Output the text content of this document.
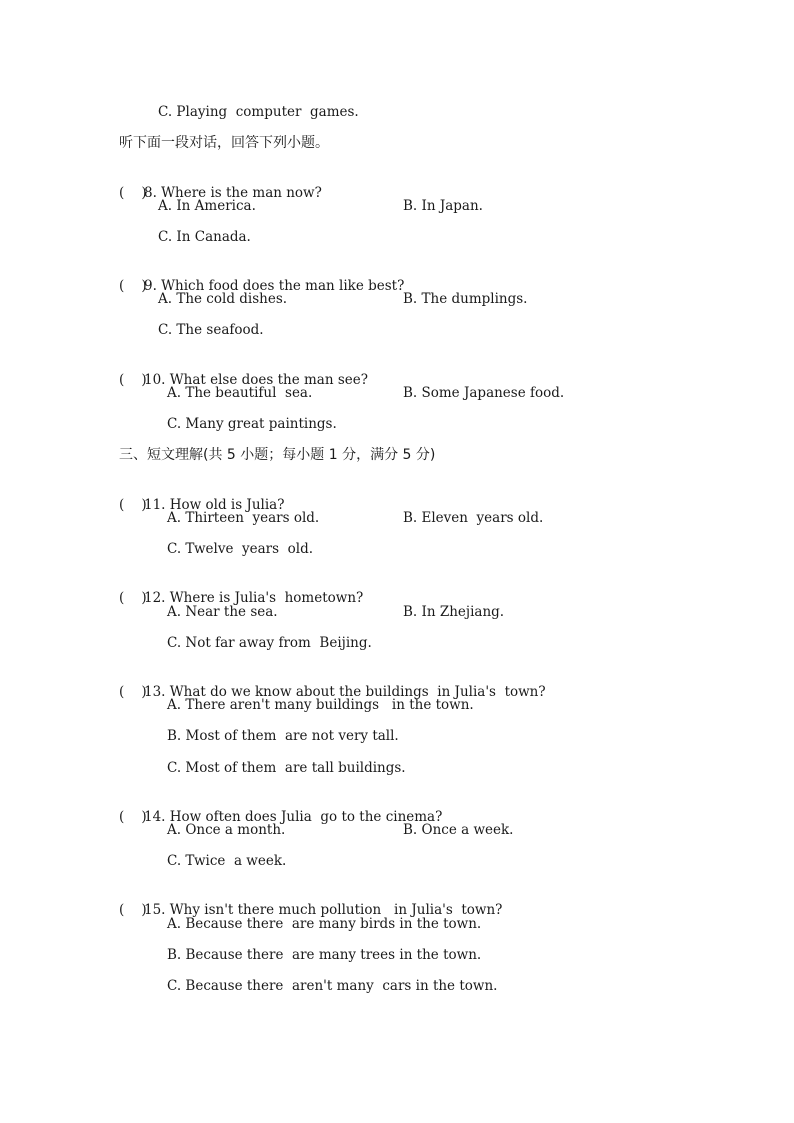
C. Playing  computer  games.
听下面一段对话，回答下列小题。

(    )
8. Where is the man now?

A. In America.	B. In Japan.
C. In Canada.

(    )
9. Which food does the man like best?

A. The cold dishes.	B. The dumplings.
C. The seafood.

(    )
10. What else does the man see?

A. The beautiful  sea.	B. Some Japanese food.
C. Many great paintings.
三、短文理解(共 5 小题；每小题 1 分，满分 5 分)

(    )
11. How old is Julia?

A. Thirteen  years old.	B. Eleven  years old.
C. Twelve  years  old.

(    )
12. Where is Julia's  hometown?

A. Near the sea.	B. In Zhejiang.
C. Not far away from  Beijing.

(    )
13. What do we know about the buildings  in Julia's  town?

A. There aren't many buildings   in the town.
B. Most of them  are not very tall.
C. Most of them  are tall buildings.

(    )
14. How often does Julia  go to the cinema?

A. Once a month.	B. Once a week.
C. Twice  a week.

(    )
15. Why isn't there much pollution   in Julia's  town?

A. Because there  are many birds in the town.
B. Because there  are many trees in the town.
C. Because there  aren't many  cars in the town.
